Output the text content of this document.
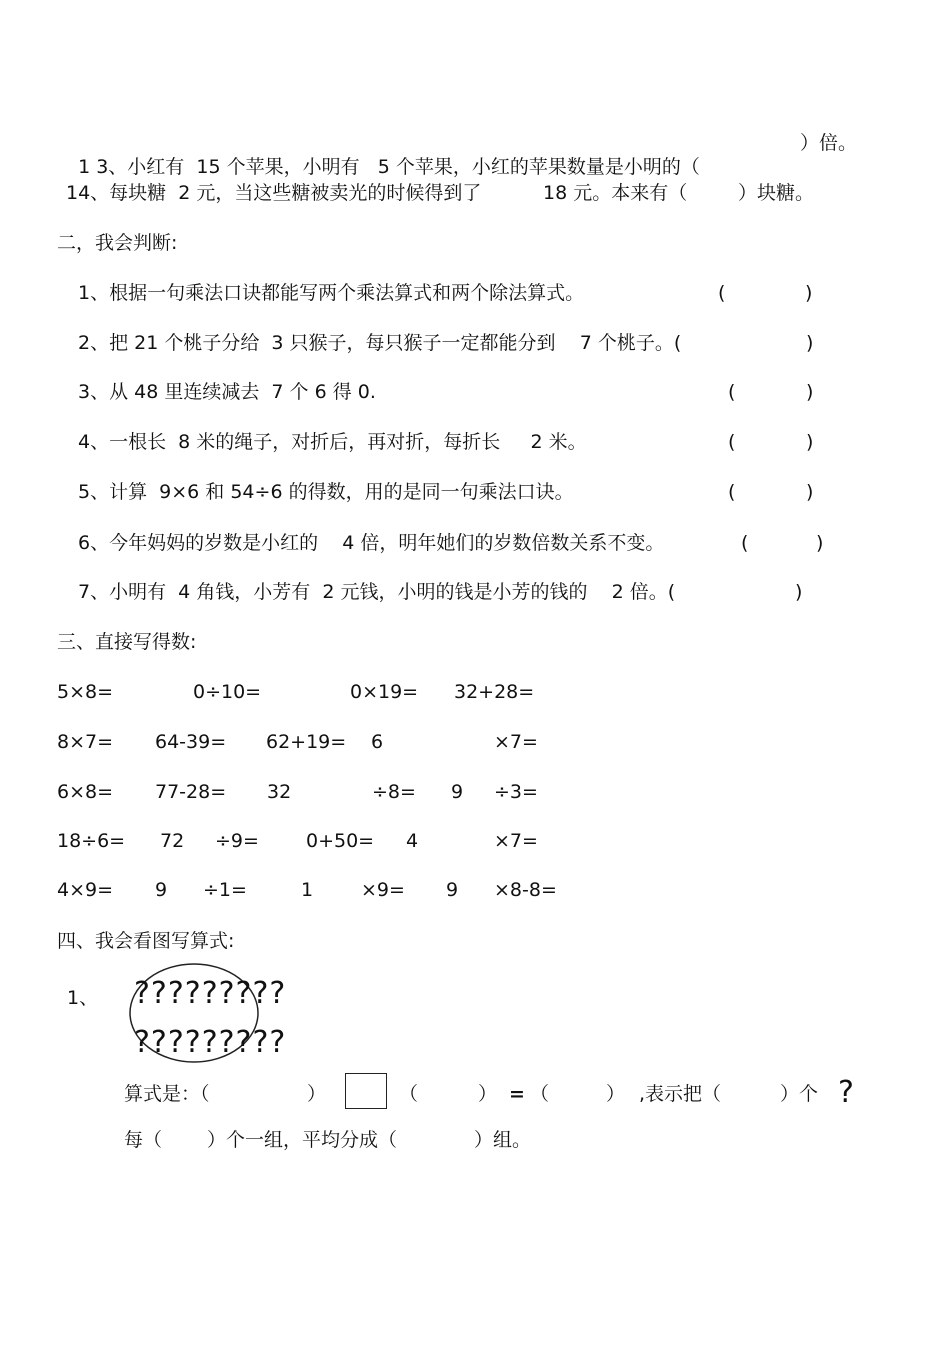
1 3、小红有  15 个苹果，小明有   5 个苹果，小红的苹果数量是小明的（

）倍。
14、每块糖  2 元，当这些糖被卖光的时候得到了	18 元。本来有（	）块糖。
二，我会判断:
1、根据一句乘法口诀都能写两个乘法算式和两个除法算式。	(	)
2、把 21 个桃子分给  3 只猴子，每只猴子一定都能分到    7 个桃子。(	)
3、从 48 里连续减去  7 个 6 得 0.	(	)
4、一根长  8 米的绳子，对折后，再对折，每折长     2 米。	(	)
5、计算  9×6 和 54÷6 的得数，用的是同一句乘法口诀。	(	)
6、今年妈妈的岁数是小红的    4 倍，明年她们的岁数倍数关系不变。	(	)
7、小明有  4 角钱，小芳有  2 元钱，小明的钱是小芳的钱的    2 倍。(	)
三、直接写得数:
5×8=	0÷10=	0×19= 32+28=
8×7= 64-39= 62+19= 6	×7=
6×8= 77-28= 32	÷8= 9 ÷3=
18÷6= 72 ÷9= 0+50= 4	×7=
4×9= 9 ÷1=	1	×9= 9 ×8-8=
四、我会看图写算式:
1、 ?????????
?????????
算式是：（	）	（	） = （	） ,表示把（	）个 ?
每（ ）个一组，平均分成（	）组。
